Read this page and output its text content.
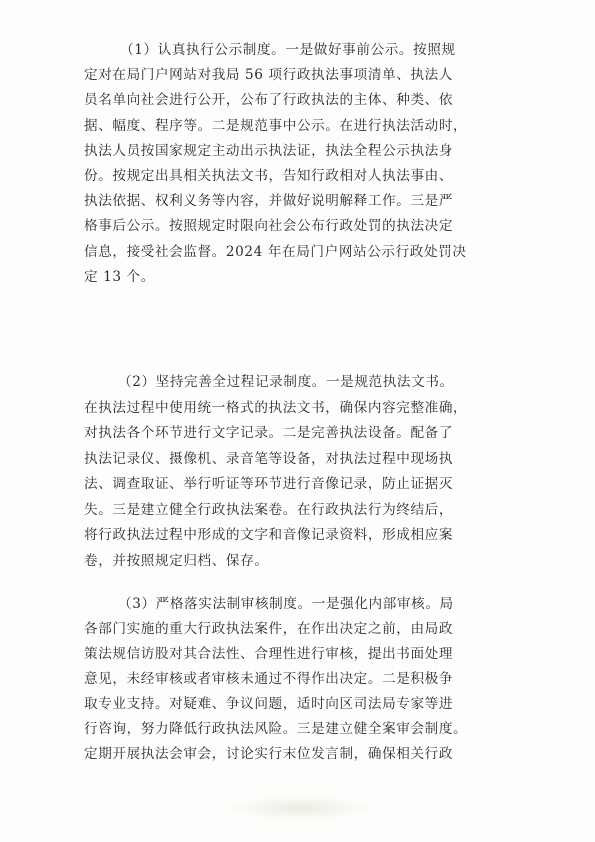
（1）认真执行公示制度。一是做好事前公示。按照规
定对在局门户网站对我局 56 项行政执法事项清单、执法人
员名单向社会进行公开，公布了行政执法的主体、种类、依
据、幅度、程序等。二是规范事中公示。在进行执法活动时，
执法人员按国家规定主动出示执法证，执法全程公示执法身
份。按规定出具相关执法文书，告知行政相对人执法事由、
执法依据、权利义务等内容，并做好说明解释工作。三是严
格事后公示。按照规定时限向社会公布行政处罚的执法决定
信息，接受社会监督。2024 年在局门户网站公示行政处罚决
定 13 个。
（2）坚持完善全过程记录制度。一是规范执法文书。
在执法过程中使用统一格式的执法文书，确保内容完整准确，
对执法各个环节进行文字记录。二是完善执法设备。配备了
执法记录仪、摄像机、录音笔等设备，对执法过程中现场执
法、调查取证、举行听证等环节进行音像记录，防止证据灭
失。三是建立健全行政执法案卷。在行政执法行为终结后，
将行政执法过程中形成的文字和音像记录资料，形成相应案
卷，并按照规定归档、保存。
（3）严格落实法制审核制度。一是强化内部审核。局
各部门实施的重大行政执法案件，在作出决定之前，由局政
策法规信访股对其合法性、合理性进行审核，提出书面处理
意见，未经审核或者审核未通过不得作出决定。二是积极争
取专业支持。对疑难、争议问题，适时向区司法局专家等进
行咨询，努力降低行政执法风险。三是建立健全案审会制度。
定期开展执法会审会，讨论实行末位发言制，确保相关行政
